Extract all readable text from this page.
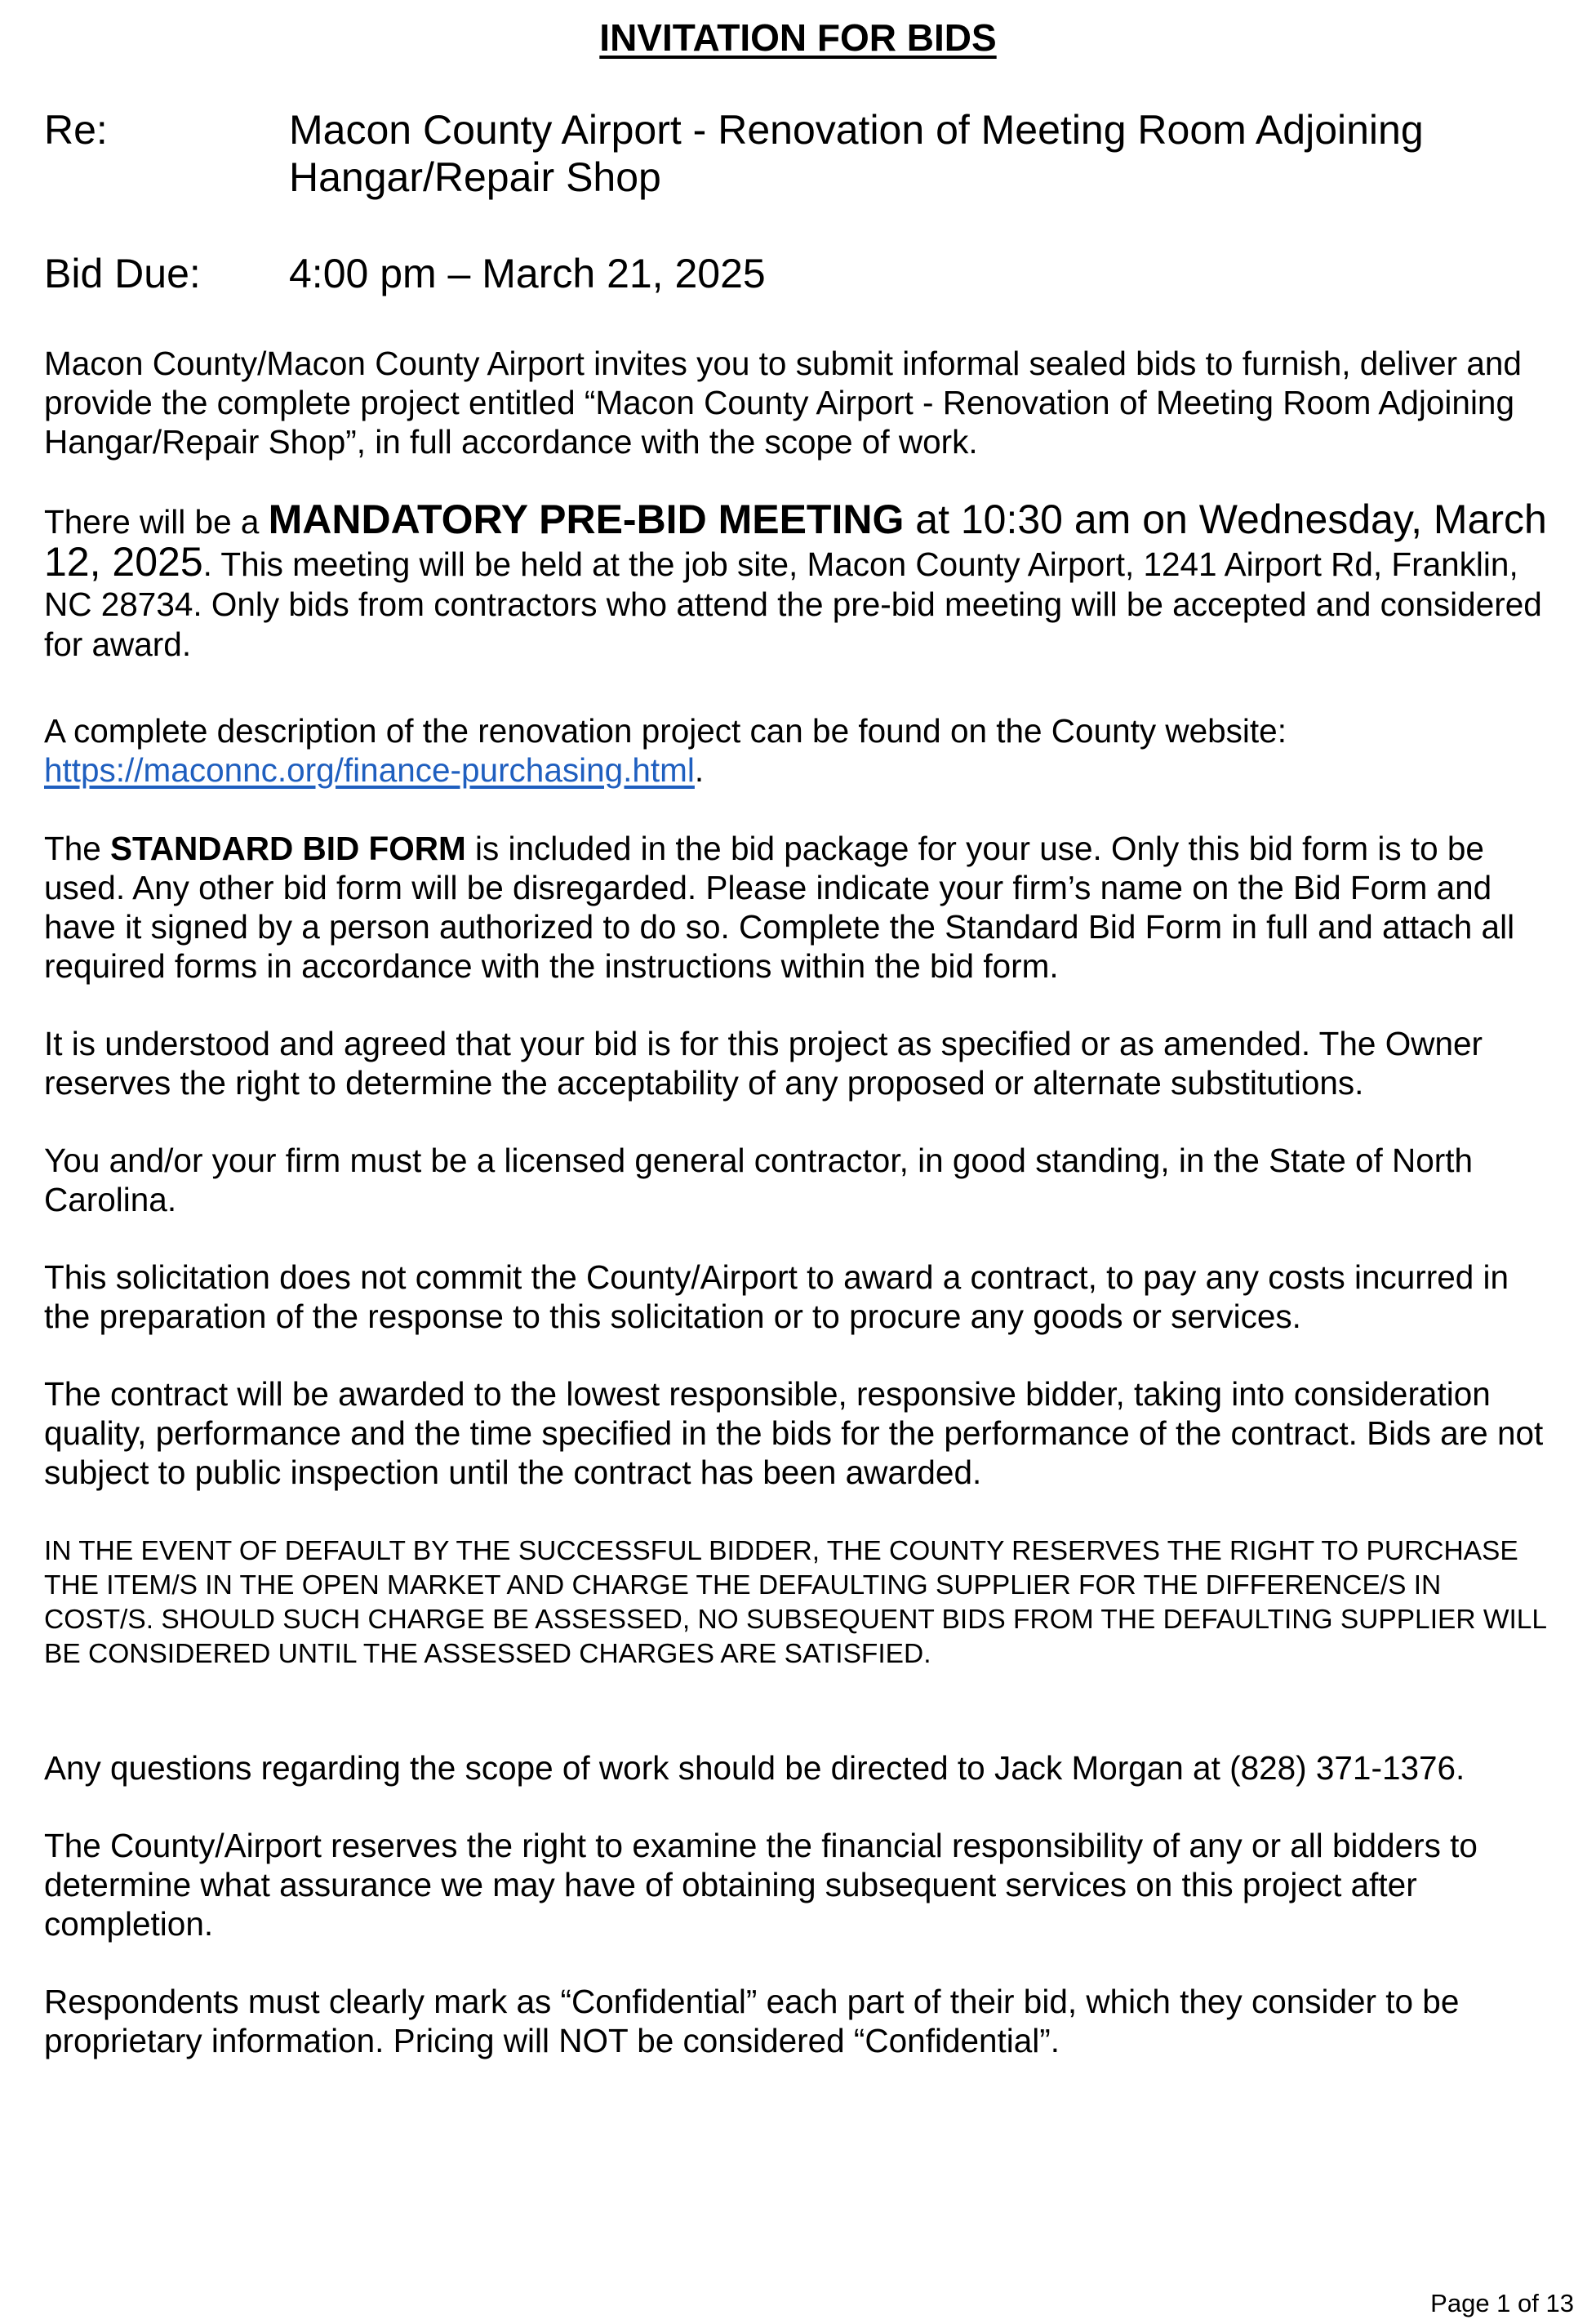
INVITATION FOR BIDS
Re:	Macon County Airport - Renovation of Meeting Room Adjoining Hangar/Repair Shop
Bid Due: 4:00 pm – March 21, 2025

Macon County/Macon County Airport invites you to submit informal sealed bids to furnish, deliver and provide the complete project entitled “Macon County Airport - Renovation of Meeting Room Adjoining Hangar/Repair Shop”, in full accordance with the scope of work.

There will be a MANDATORY PRE-BID MEETING at 10:30 am on Wednesday, March 12, 2025. This meeting will be held at the job site, Macon County Airport, 1241 Airport Rd, Franklin, NC 28734. Only bids from contractors who attend the pre-bid meeting will be accepted and considered for award.

A complete description of the renovation project can be found on the County website: https://maconnc.org/finance-purchasing.html.

The STANDARD BID FORM is included in the bid package for your use. Only this bid form is to be used. Any other bid form will be disregarded. Please indicate your firm’s name on the Bid Form and have it signed by a person authorized to do so. Complete the Standard Bid Form in full and attach all required forms in accordance with the instructions within the bid form.

It is understood and agreed that your bid is for this project as specified or as amended. The Owner reserves the right to determine the acceptability of any proposed or alternate substitutions.

You and/or your firm must be a licensed general contractor, in good standing, in the State of North Carolina.

This solicitation does not commit the County/Airport to award a contract, to pay any costs incurred in the preparation of the response to this solicitation or to procure any goods or services.

The contract will be awarded to the lowest responsible, responsive bidder, taking into consideration quality, performance and the time specified in the bids for the performance of the contract. Bids are not subject to public inspection until the contract has been awarded.

IN THE EVENT OF DEFAULT BY THE SUCCESSFUL BIDDER, THE COUNTY RESERVES THE RIGHT TO PURCHASE THE ITEM/S IN THE OPEN MARKET AND CHARGE THE DEFAULTING SUPPLIER FOR THE DIFFERENCE/S IN COST/S. SHOULD SUCH CHARGE BE ASSESSED, NO SUBSEQUENT BIDS FROM THE DEFAULTING SUPPLIER WILL BE CONSIDERED UNTIL THE ASSESSED CHARGES ARE SATISFIED.

Any questions regarding the scope of work should be directed to Jack Morgan at (828) 371-1376.

The County/Airport reserves the right to examine the financial responsibility of any or all bidders to determine what assurance we may have of obtaining subsequent services on this project after completion.

Respondents must clearly mark as “Confidential” each part of their bid, which they consider to be proprietary information. Pricing will NOT be considered “Confidential”.

Page 1 of 13
